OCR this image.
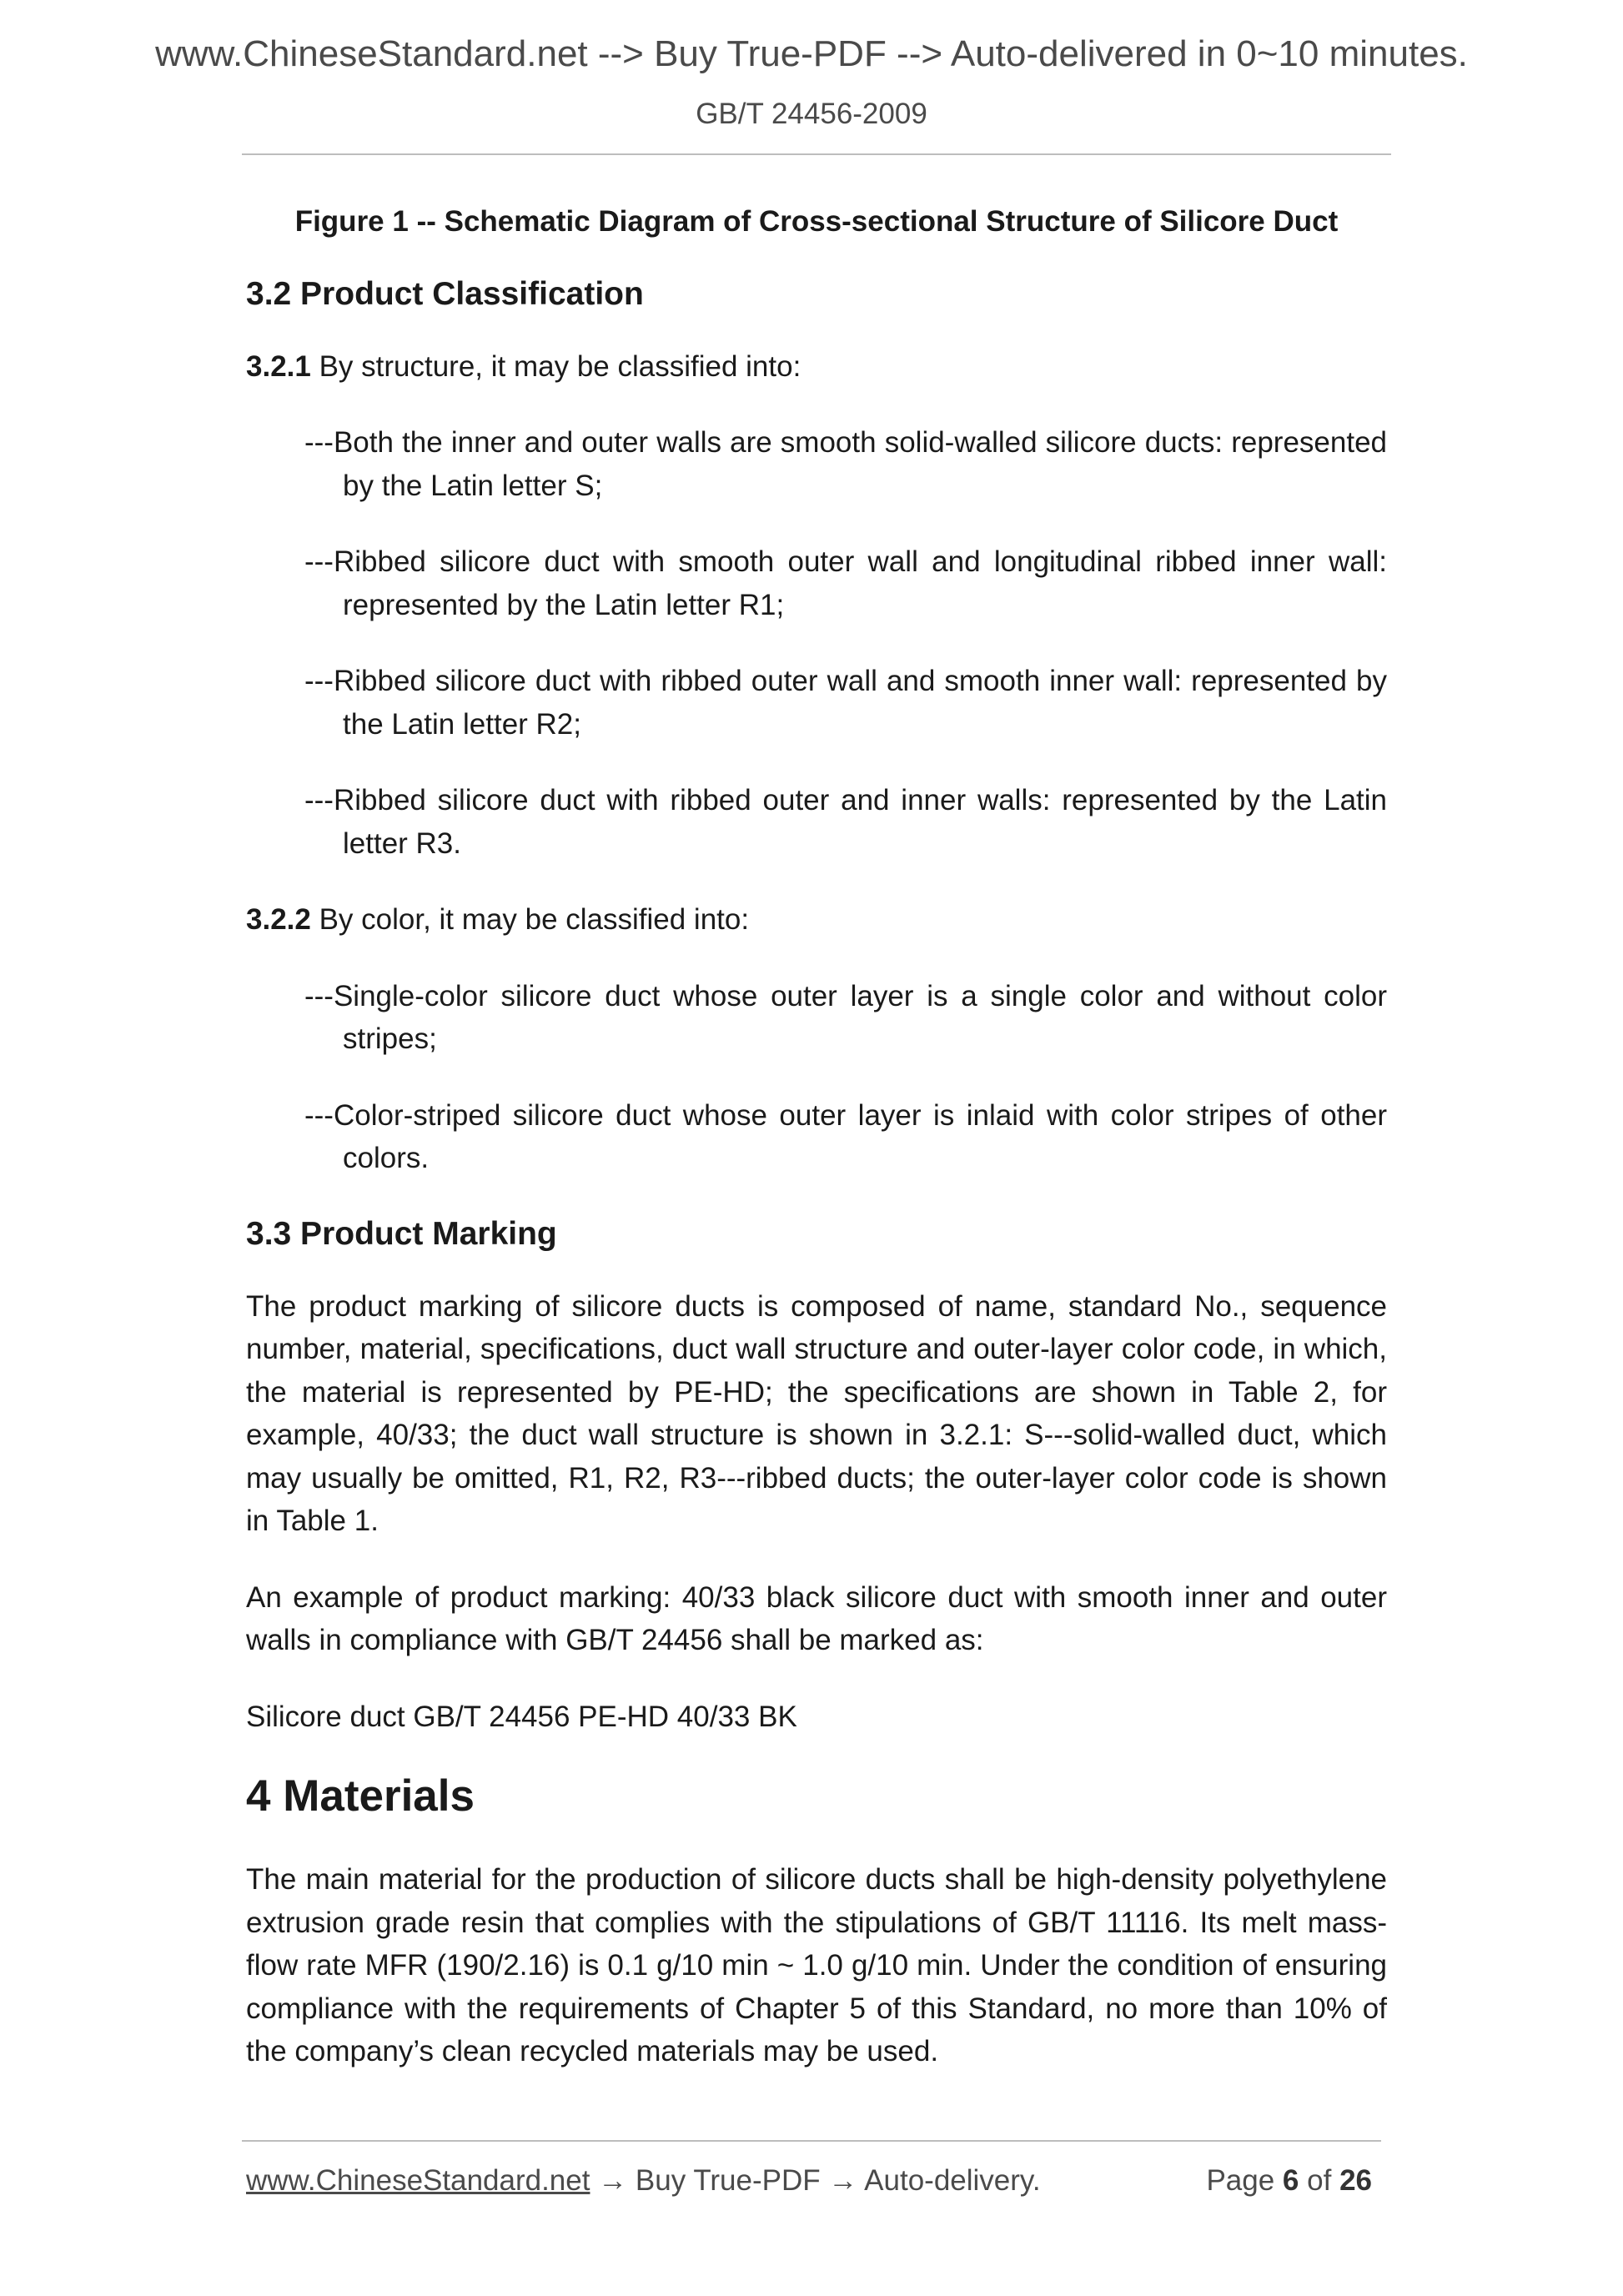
www.ChineseStandard.net --> Buy True-PDF --> Auto-delivered in 0~10 minutes.
GB/T 24456-2009
Figure 1 -- Schematic Diagram of Cross-sectional Structure of Silicore Duct
3.2 Product Classification
3.2.1 By structure, it may be classified into:
---Both the inner and outer walls are smooth solid-walled silicore ducts: represented by the Latin letter S;
---Ribbed silicore duct with smooth outer wall and longitudinal ribbed inner wall: represented by the Latin letter R1;
---Ribbed silicore duct with ribbed outer wall and smooth inner wall: represented by the Latin letter R2;
---Ribbed silicore duct with ribbed outer and inner walls: represented by the Latin letter R3.
3.2.2 By color, it may be classified into:
---Single-color silicore duct whose outer layer is a single color and without color stripes;
---Color-striped silicore duct whose outer layer is inlaid with color stripes of other colors.
3.3 Product Marking
The product marking of silicore ducts is composed of name, standard No., sequence number, material, specifications, duct wall structure and outer-layer color code, in which, the material is represented by PE-HD; the specifications are shown in Table 2, for example, 40/33; the duct wall structure is shown in 3.2.1: S---solid-walled duct, which may usually be omitted, R1, R2, R3---ribbed ducts; the outer-layer color code is shown in Table 1.
An example of product marking: 40/33 black silicore duct with smooth inner and outer walls in compliance with GB/T 24456 shall be marked as:
Silicore duct GB/T 24456 PE-HD 40/33 BK
4 Materials
The main material for the production of silicore ducts shall be high-density polyethylene extrusion grade resin that complies with the stipulations of GB/T 11116. Its melt mass-flow rate MFR (190/2.16) is 0.1 g/10 min ~ 1.0 g/10 min. Under the condition of ensuring compliance with the requirements of Chapter 5 of this Standard, no more than 10% of the company’s clean recycled materials may be used.
www.ChineseStandard.net → Buy True-PDF → Auto-delivery.	Page 6 of 26
